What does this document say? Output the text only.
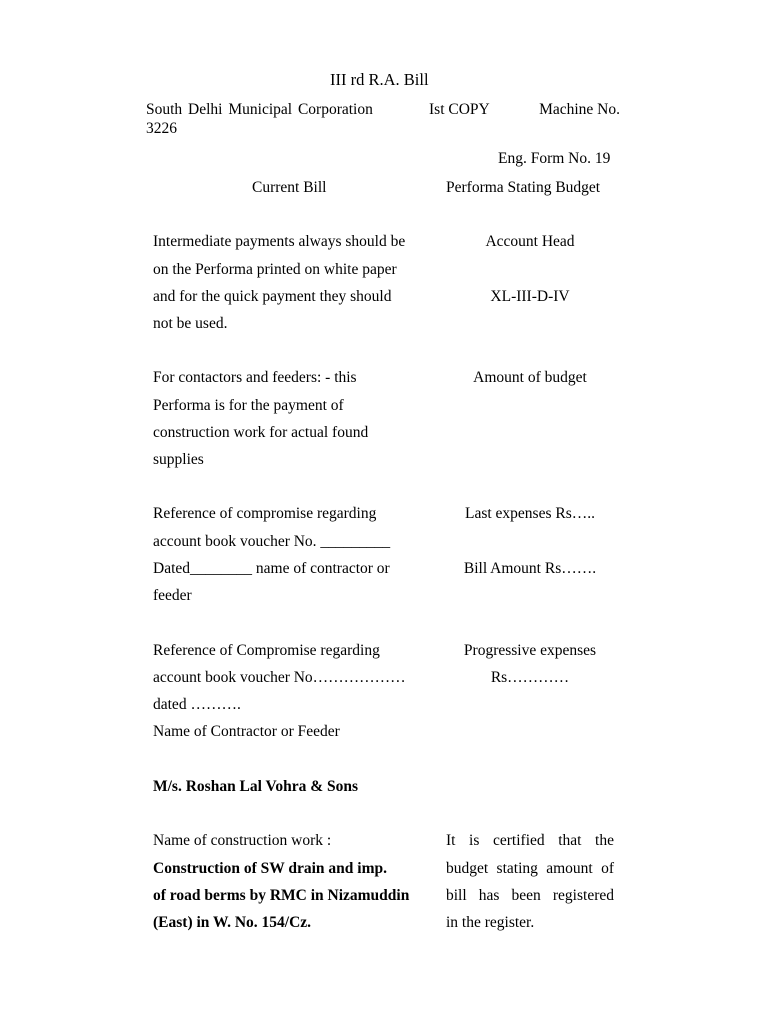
III rd R.A. Bill
South Delhi Municipal Corporation	Ist COPY	Machine No.
3226
Eng. Form No. 19
Current Bill	Performa Stating Budget
Intermediate payments always should be
on the Performa printed on white paper
and for the quick payment they should
not be used.
Account Head
XL-III-D-IV
For contactors and feeders: - this
Performa is for the payment of
construction work for actual found
supplies
Amount of budget
Reference of compromise regarding
account book voucher No. _________
Dated________ name of contractor or
feeder
Last expenses Rs…..
Bill Amount Rs…….
Reference of Compromise regarding
account book voucher No………………
dated ……….
Name of Contractor or Feeder
Progressive expenses
Rs…………
M/s. Roshan Lal Vohra & Sons
Name of construction work :
Construction of SW drain and imp.
of road berms by RMC in Nizamuddin
(East) in W. No. 154/Cz.
It is certified that the
budget stating amount of
bill has been registered
in the register.
